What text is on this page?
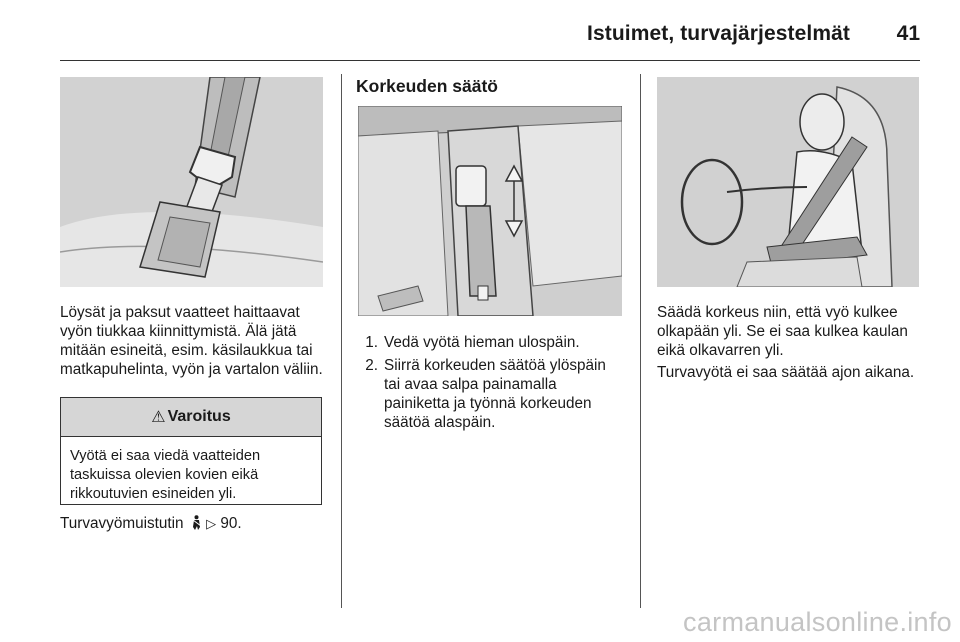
Istuimet, turvajärjestelmät 41

Löysät ja paksut vaatteet haittaavat vyön tiukkaa kiinnittymistä. Älä jätä mitään esineitä, esim. käsilaukkua tai matkapuhelinta, vyön ja vartalon väliin.

⚠ Varoitus
Vyötä ei saa viedä vaatteiden taskuissa olevien kovien eikä rikkoutuvien esineiden yli.
Turvavyömuistutin ▷ 90.
Korkeuden säätö
1. Vedä vyötä hieman ulospäin.
2. Siirrä korkeuden säätöä ylöspäin tai avaa salpa painamalla painiketta ja työnnä korkeuden säätöä alaspäin.

Säädä korkeus niin, että vyö kulkee olkapään yli. Se ei saa kulkea kaulan eikä olkavarren yli.

Turvavyötä ei saa säätää ajon aikana.

carmanualsonline.info
